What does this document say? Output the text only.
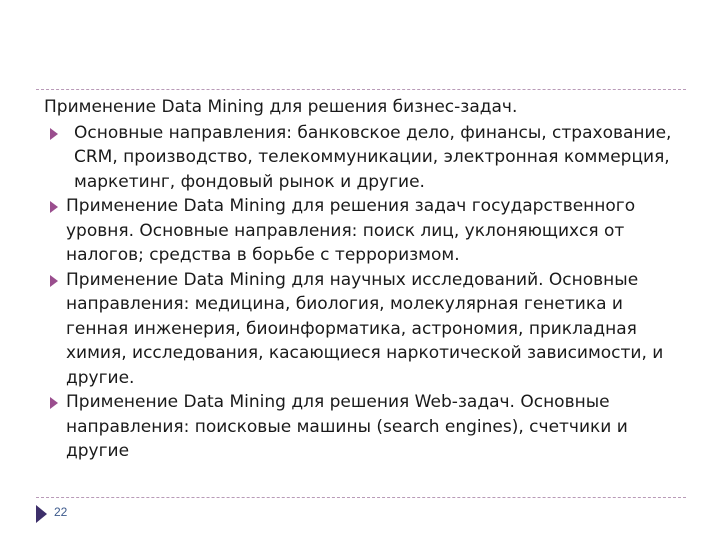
Применение Data Mining для решения бизнес-задач.

Основные направления: банковское дело, финансы, страхование, CRM, производство, телекоммуникации, электронная коммерция, маркетинг, фондовый рынок и другие.
Применение Data Mining для решения задач государственного уровня. Основные направления: поиск лиц, уклоняющихся от налогов; средства в борьбе с терроризмом.
Применение Data Mining для научных исследований. Основные направления: медицина, биология, молекулярная генетика и генная инженерия, биоинформатика, астрономия, прикладная химия, исследования, касающиеся наркотической зависимости, и другие.
Применение Data Mining для решения Web-задач. Основные направления: поисковые машины (search engines), счетчики и другие
22
